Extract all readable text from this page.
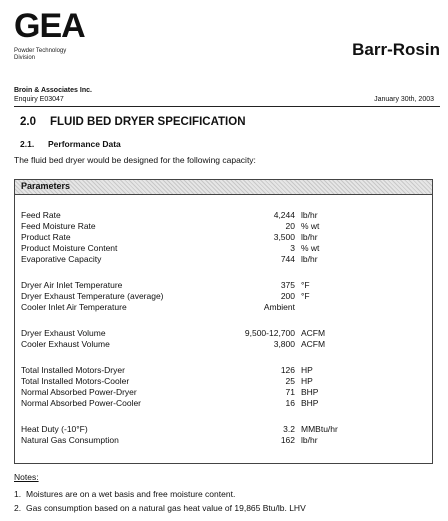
GEA
Powder Technology
Division	Barr-Rosin
Broin & Associates Inc.
Enquiry E03047	January 30th, 2003
2.0 FLUID BED DRYER SPECIFICATION
2.1. Performance Data
The fluid bed dryer would be designed for the following capacity:
Parameters
Feed Rate	4,244 lb/hr
Feed Moisture Rate	20 % wt
Product Rate	3,500 lb/hr
Product Moisture Content	3 % wt
Evaporative Capacity	744 lb/hr
Dryer Air Inlet Temperature	375 °F
Dryer Exhaust Temperature (average)	200 °F
Cooler Inlet Air Temperature	Ambient
Dryer Exhaust Volume	9,500-12,700 ACFM
Cooler Exhaust Volume	3,800 ACFM
Total Installed Motors-Dryer	126 HP
Total Installed Motors-Cooler	25 HP
Normal Absorbed Power-Dryer	71 BHP
Normal Absorbed Power-Cooler	16 BHP
Heat Duty (-10°F)	3.2 MMBtu/hr
Natural Gas Consumption	162 lb/hr
Notes:
1. Moistures are on a wet basis and free moisture content.
2. Gas consumption based on a natural gas heat value of 19,865 Btu/lb. LHV
